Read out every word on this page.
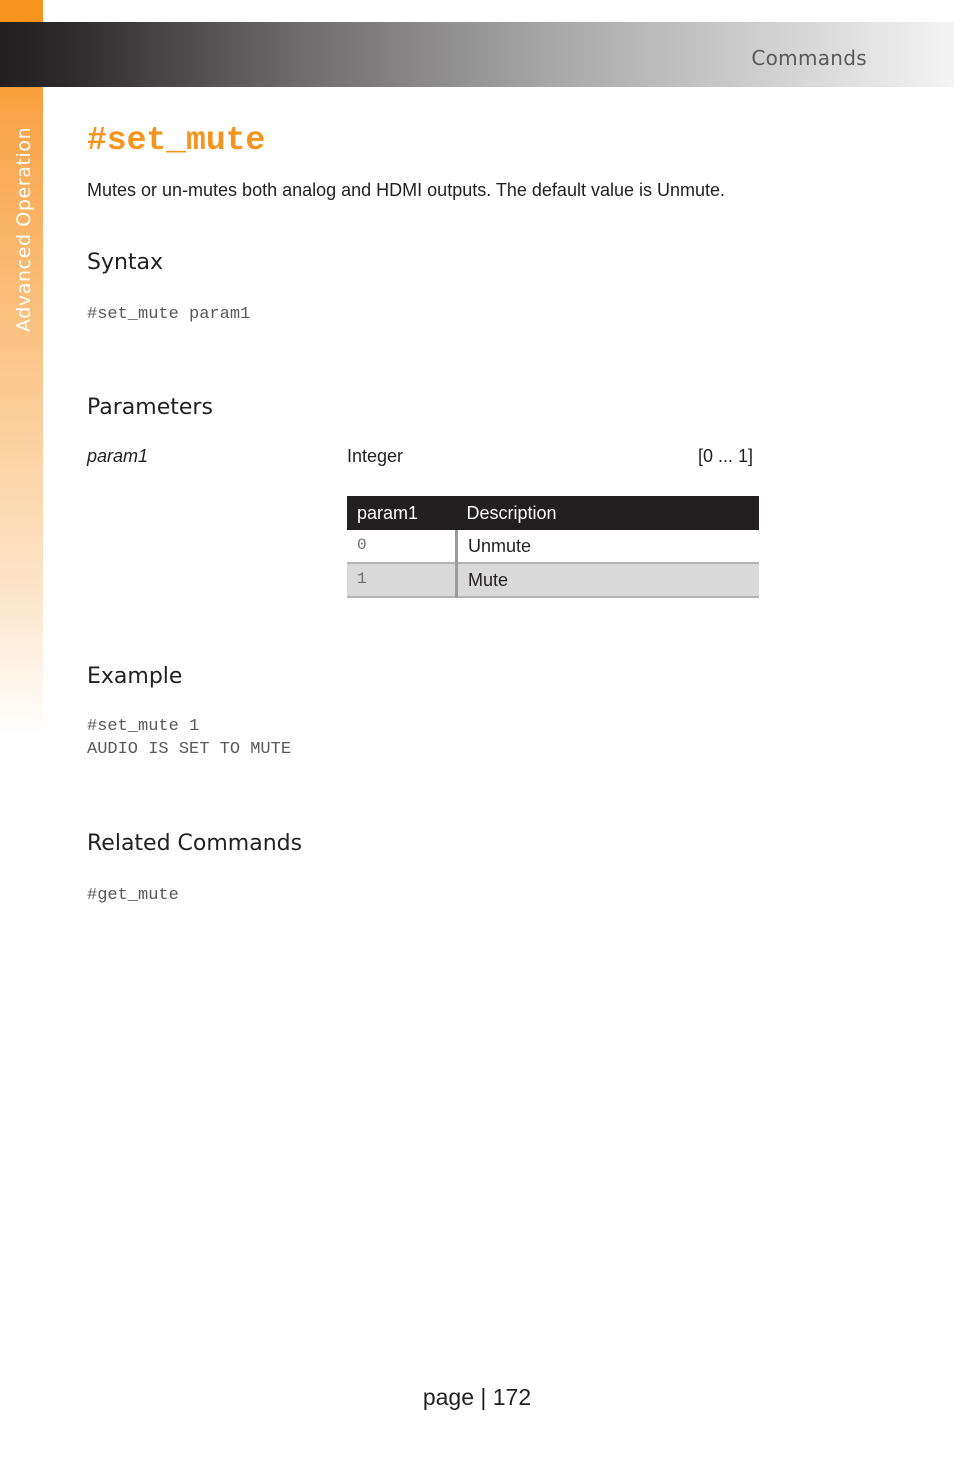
Advanced Operation
Commands
#set_mute

Mutes or un-mutes both analog and HDMI outputs. The default value is Unmute.

Syntax
#set_mute param1
Parameters
param1	Integer	[0 ... 1]
param1	Description
0	Unmute
1	Mute
Example
#set_mute 1
AUDIO IS SET TO MUTE
Related Commands
#get_mute
page | 172
